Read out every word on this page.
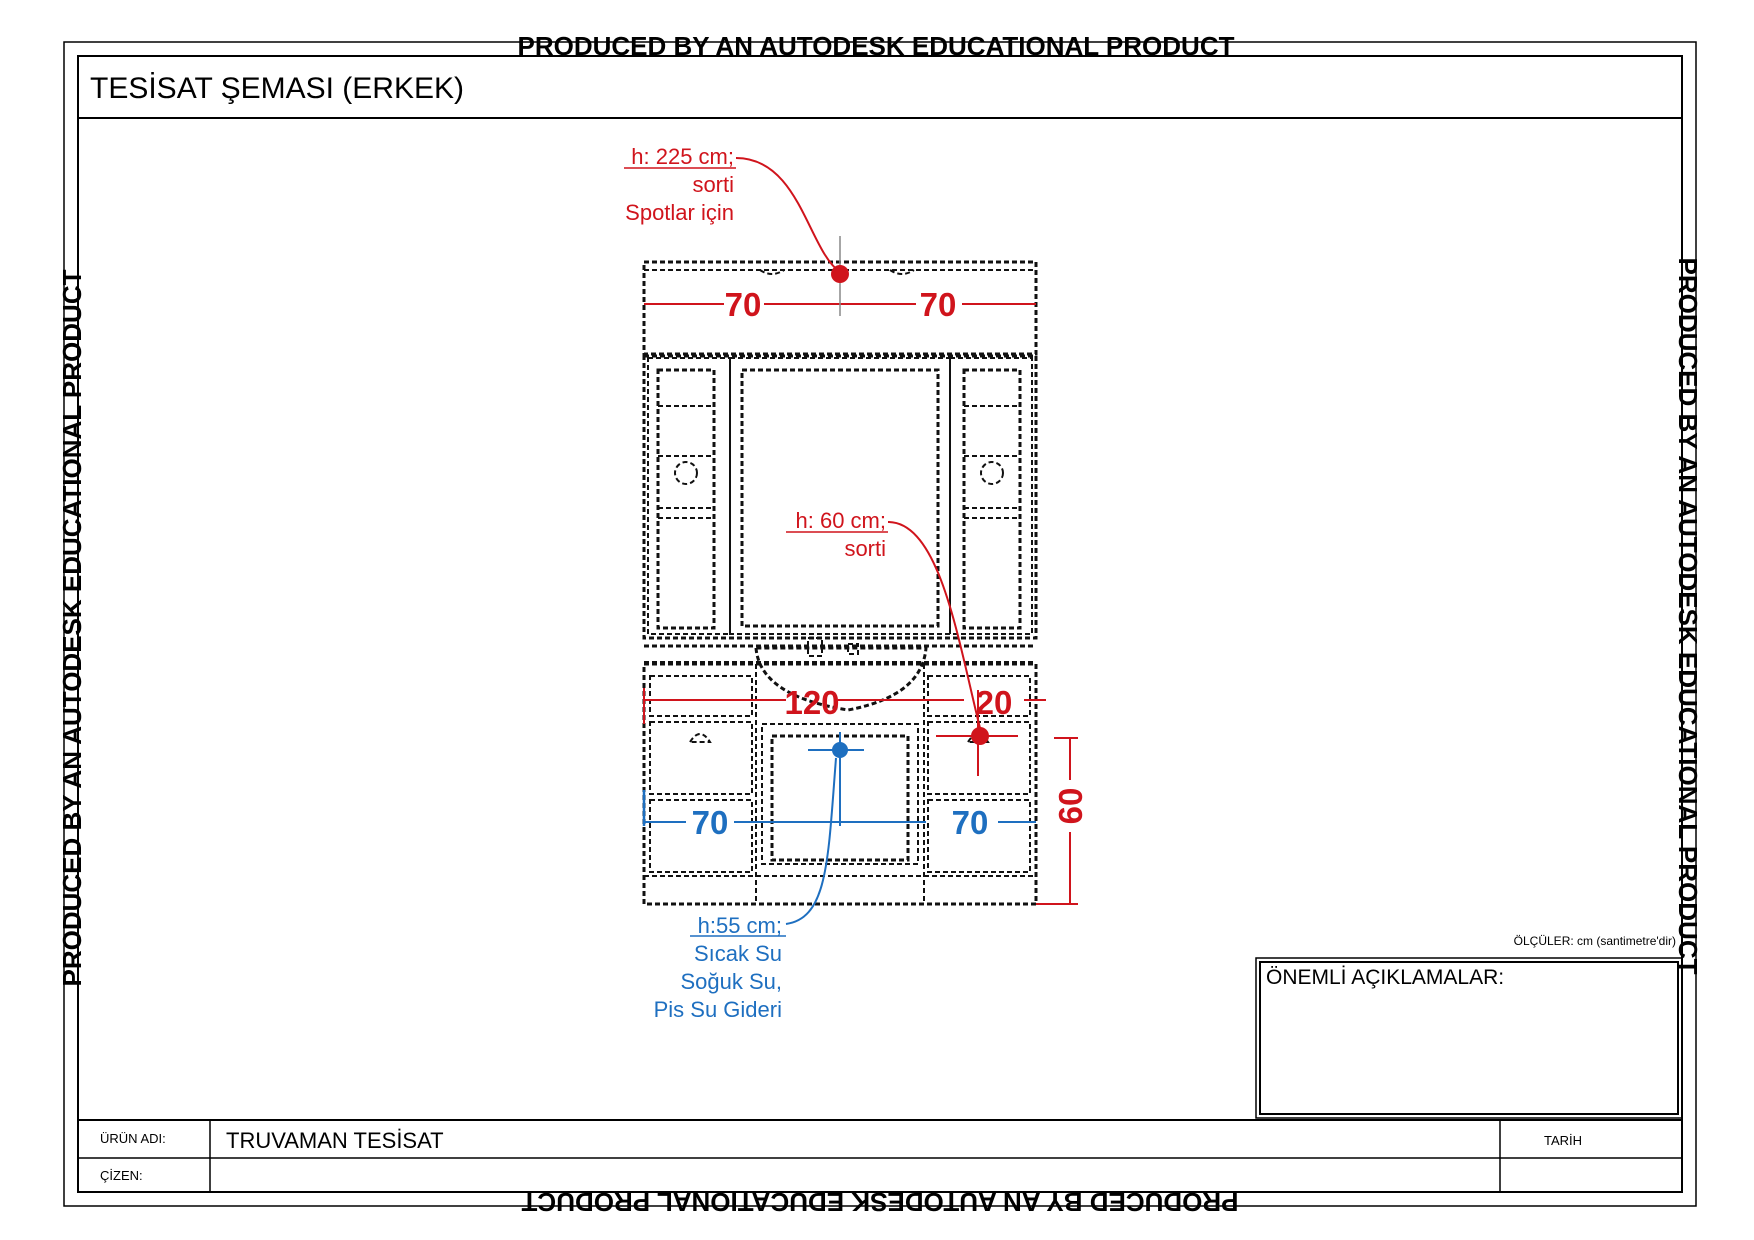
PRODUCED BY AN AUTODESK EDUCATIONAL PRODUCT
PRODUCED BY AN AUTODESK EDUCATIONAL PRODUCT
PRODUCED BY AN AUTODESK EDUCATIONAL PRODUCT	PRODUCED BY AN AUTODESK EDUCATIONAL PRODUCT
TESİSAT ŞEMASI (ERKEK)
70	70
h: 225 cm;
sorti
Spotlar için
120	20
h: 60 cm;
sorti
60
70	70
h:55 cm;
Sıcak Su
Soğuk Su,
Pis Su Gideri
ÖLÇÜLER: cm (santimetre'dir)
ÖNEMLİ AÇIKLAMALAR:
ÜRÜN ADI:	TRUVAMAN TESİSAT
ÇİZEN:
TARİH
